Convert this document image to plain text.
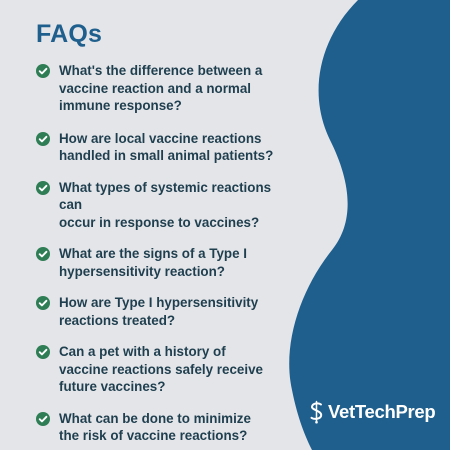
FAQs
What's the difference between a
vaccine reaction and a normal
immune response?
How are local vaccine reactions
handled in small animal patients?
What types of systemic reactions can
occur in response to vaccines?
What are the signs of a Type I
hypersensitivity reaction?
How are Type I hypersensitivity
reactions treated?
Can a pet with a history of
vaccine reactions safely receive
future vaccines?
What can be done to minimize
the risk of vaccine reactions?
VetTechPrep
